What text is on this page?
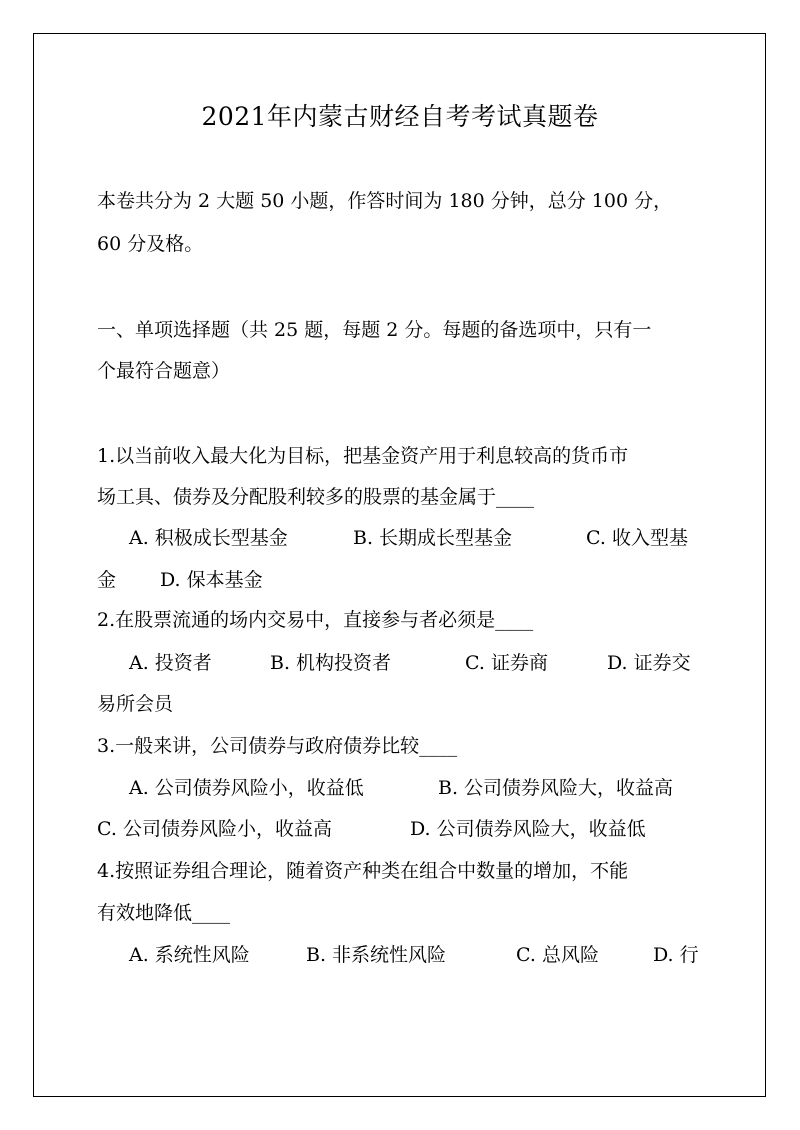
2021年内蒙古财经自考考试真题卷
本卷共分为 2 大题 50 小题，作答时间为 180 分钟，总分 100 分，
60 分及格。
一、单项选择题（共 25 题，每题 2 分。每题的备选项中，只有一
个最符合题意）
1.以当前收入最大化为目标，把基金资产用于利息较高的货币市
场工具、债券及分配股利较多的股票的基金属于____
A. 积极成长型基金	B. 长期成长型基金	C. 收入型基
金 D. 保本基金
2.在股票流通的场内交易中，直接参与者必须是____
A. 投资者	B. 机构投资者	C. 证券商	D. 证券交
易所会员
3.一般来讲，公司债券与政府债券比较____
A. 公司债券风险小，收益低	B. 公司债券风险大，收益高
C. 公司债券风险小，收益高	D. 公司债券风险大，收益低
4.按照证券组合理论，随着资产种类在组合中数量的增加，不能
有效地降低____
A. 系统性风险	B. 非系统性风险	C. 总风险	D. 行
